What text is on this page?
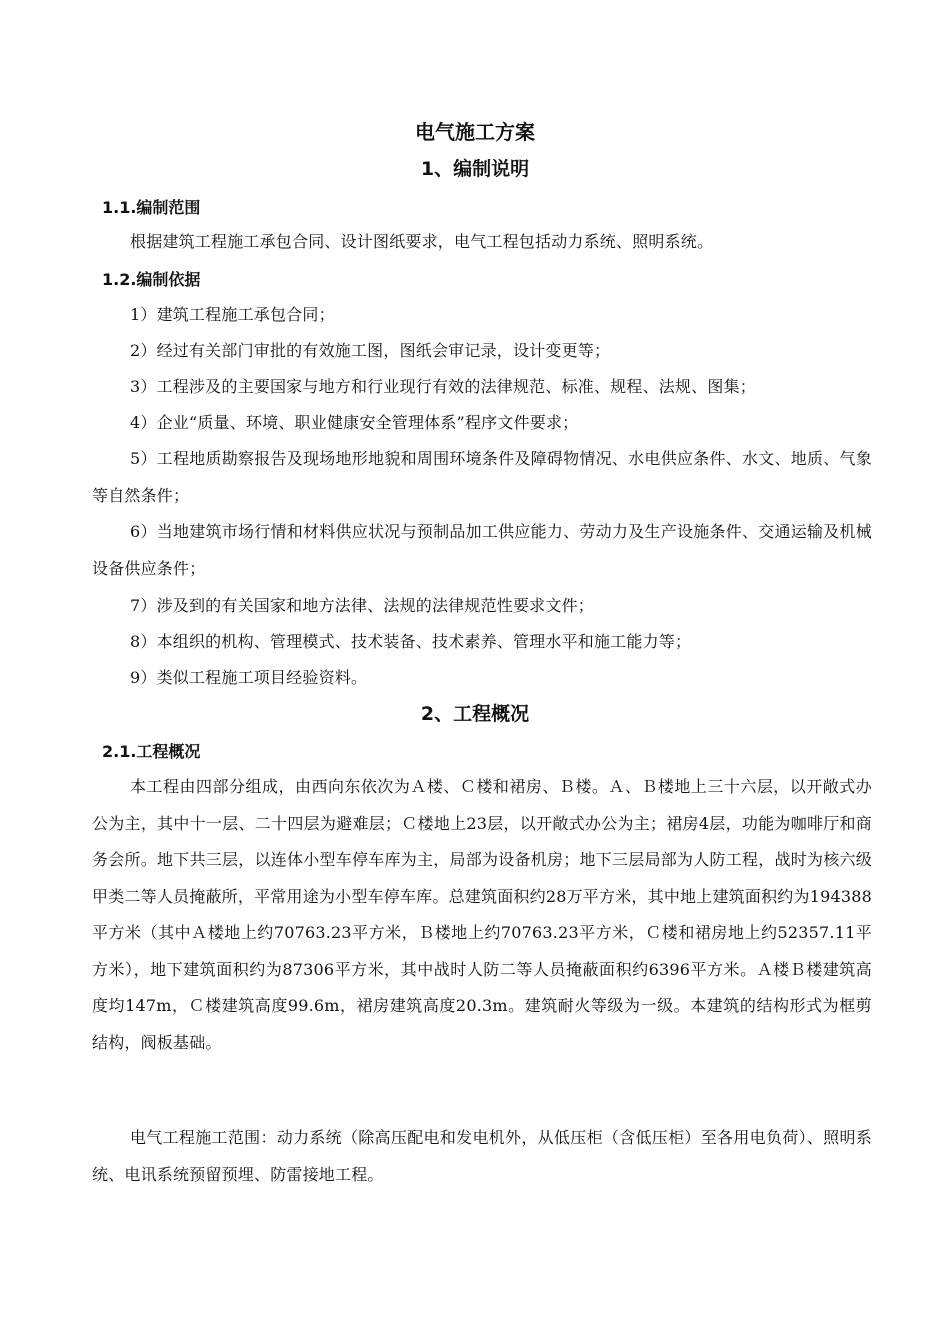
电气施工方案
1、编制说明
1.1.编制范围
根据建筑工程施工承包合同、设计图纸要求，电气工程包括动力系统、照明系统。
1.2.编制依据
1）建筑工程施工承包合同；
2）经过有关部门审批的有效施工图，图纸会审记录，设计变更等；
3）工程涉及的主要国家与地方和行业现行有效的法律规范、标准、规程、法规、图集；
4）企业“质量、环境、职业健康安全管理体系”程序文件要求；
5）工程地质勘察报告及现场地形地貌和周围环境条件及障碍物情况、水电供应条件、水文、地质、气象等自然条件；
6）当地建筑市场行情和材料供应状况与预制品加工供应能力、劳动力及生产设施条件、交通运输及机械设备供应条件；
7）涉及到的有关国家和地方法律、法规的法律规范性要求文件；
8）本组织的机构、管理模式、技术装备、技术素养、管理水平和施工能力等；
9）类似工程施工项目经验资料。
2、工程概况
2.1.工程概况
本工程由四部分组成，由西向东依次为Ａ楼、Ｃ楼和裙房、Ｂ楼。Ａ、Ｂ楼地上三十六层，以开敞式办公为主，其中十一层、二十四层为避难层；Ｃ楼地上23层，以开敞式办公为主；裙房4层，功能为咖啡厅和商务会所。地下共三层，以连体小型车停车库为主，局部为设备机房；地下三层局部为人防工程，战时为核六级甲类二等人员掩蔽所，平常用途为小型车停车库。总建筑面积约28万平方米，其中地上建筑面积约为194388平方米（其中Ａ楼地上约70763.23平方米，Ｂ楼地上约70763.23平方米，Ｃ楼和裙房地上约52357.11平方米），地下建筑面积约为87306平方米，其中战时人防二等人员掩蔽面积约6396平方米。Ａ楼Ｂ楼建筑高度均147m，Ｃ楼建筑高度99.6m，裙房建筑高度20.3m。建筑耐火等级为一级。本建筑的结构形式为框剪结构，阀板基础。
电气工程施工范围：动力系统（除高压配电和发电机外，从低压柜（含低压柜）至各用电负荷）、照明系统、电讯系统预留预埋、防雷接地工程。
